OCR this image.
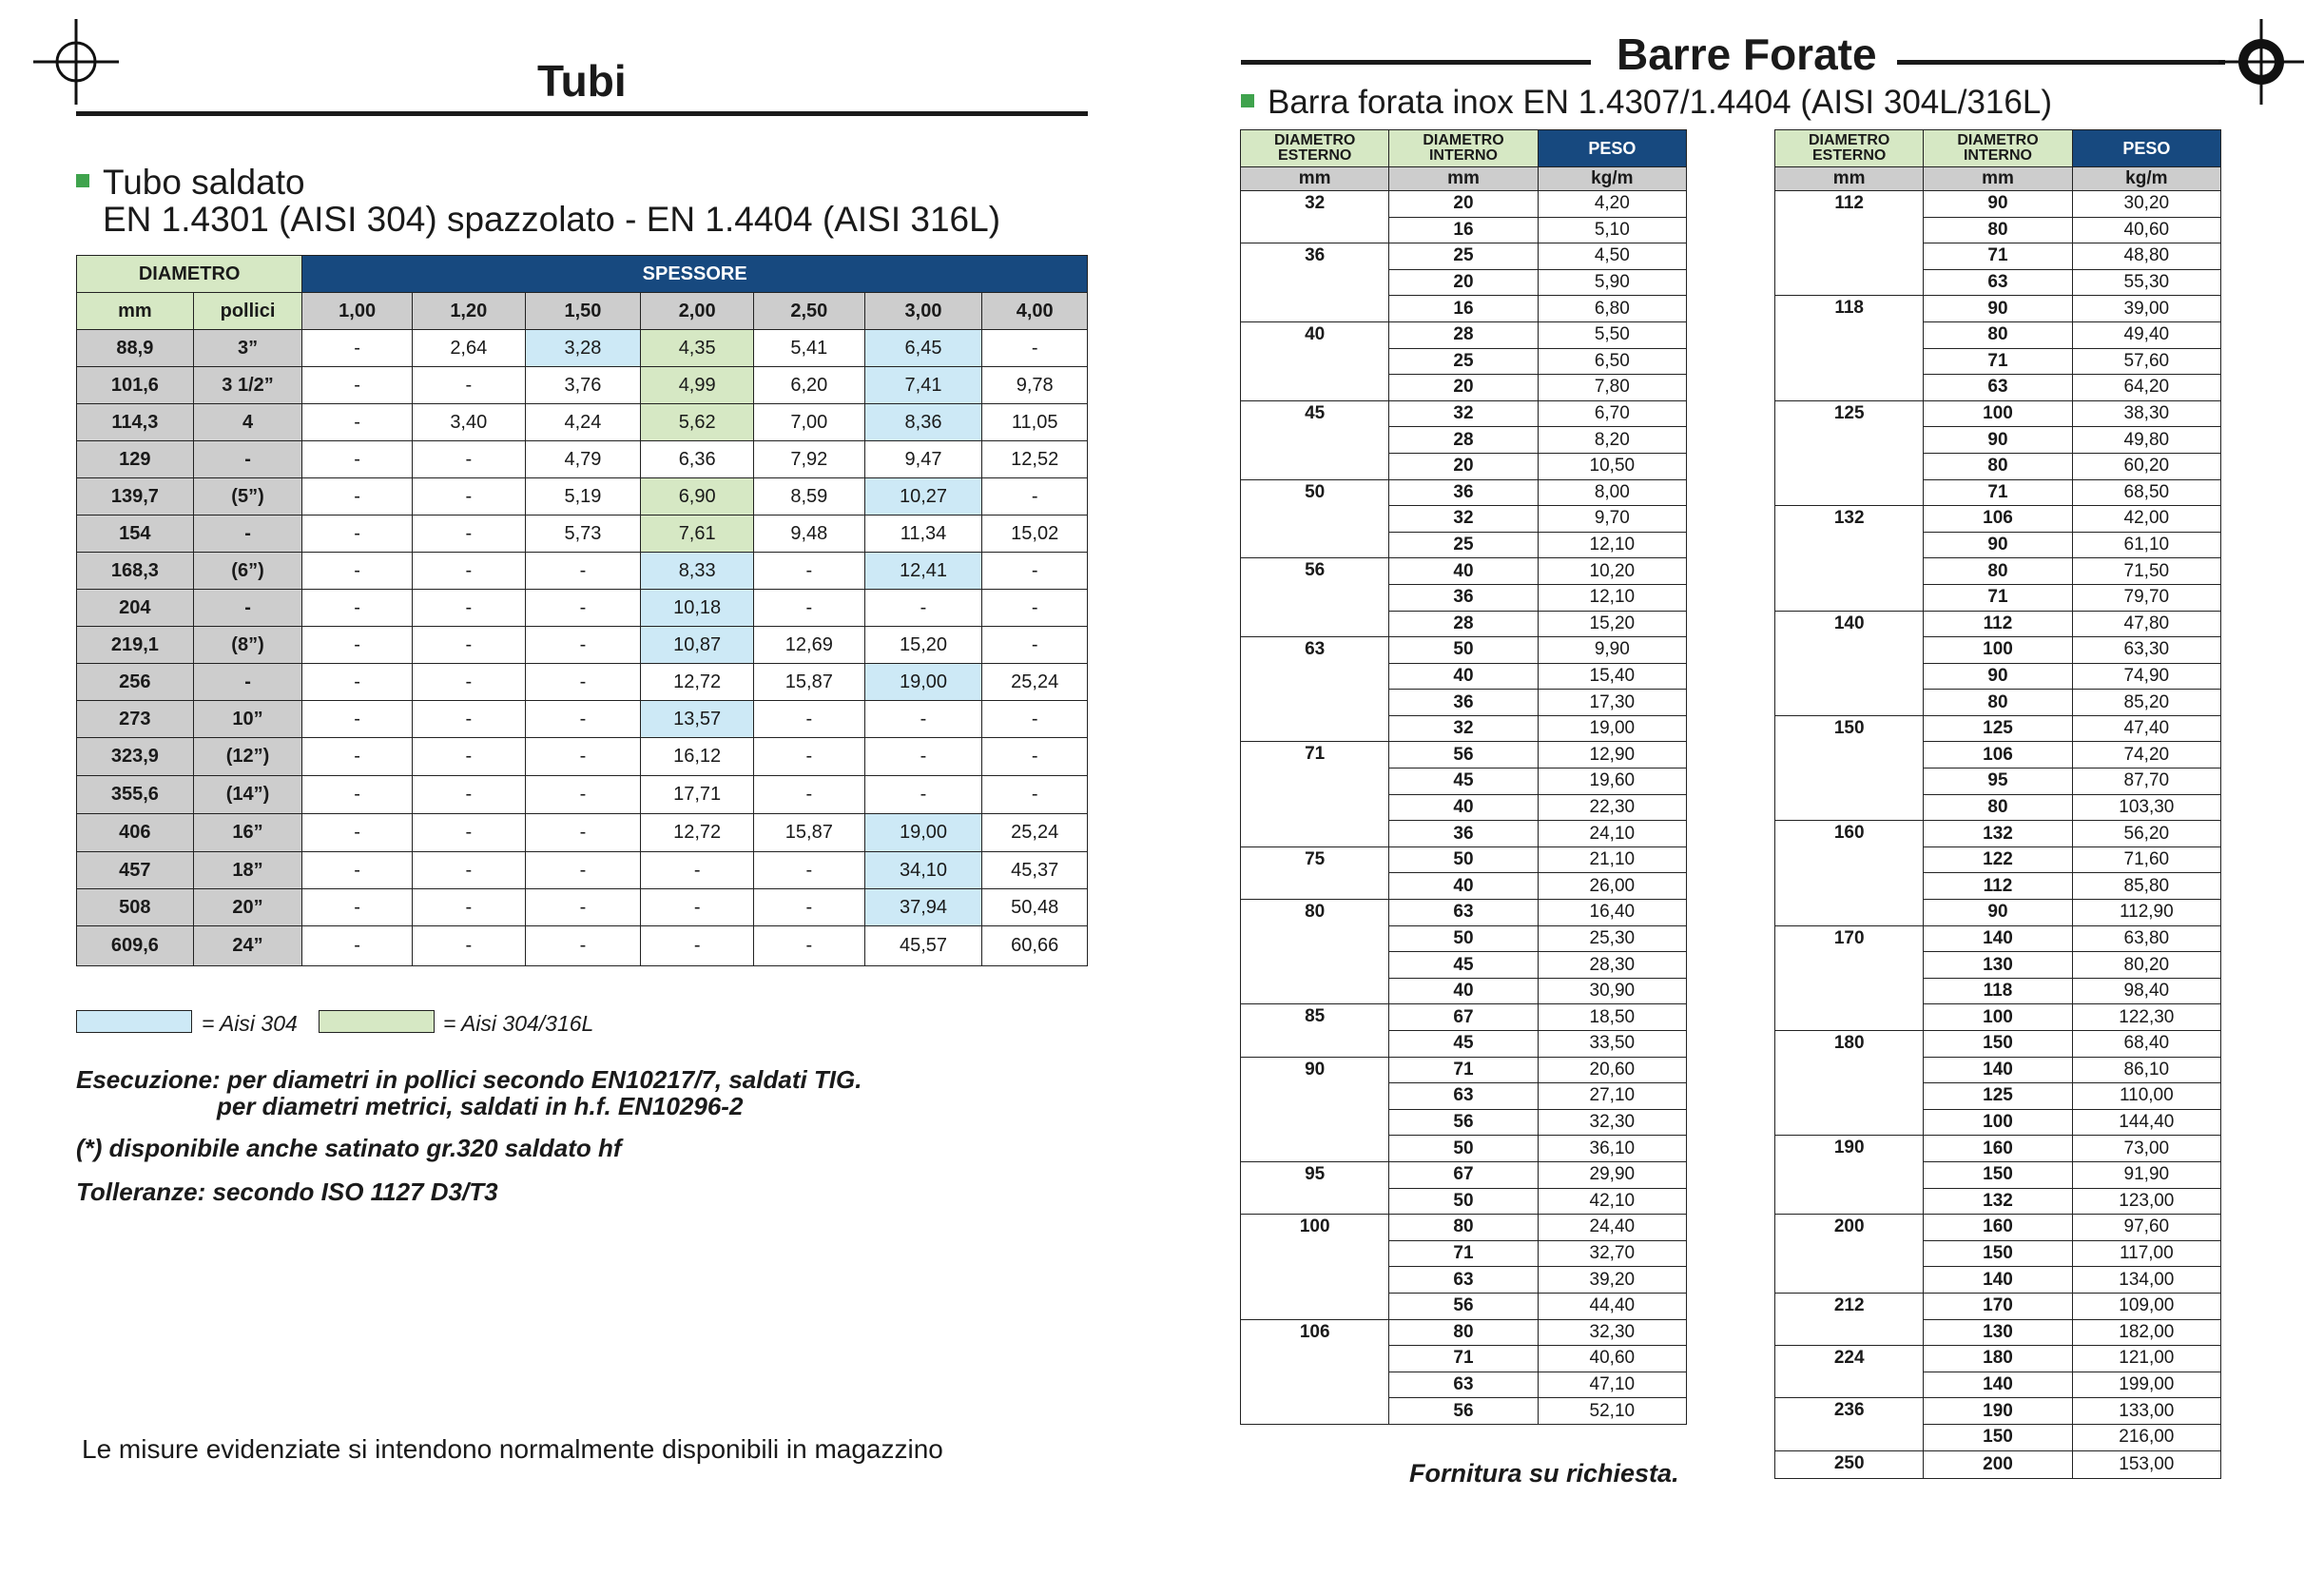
Tubi
Tubo saldato
EN 1.4301 (AISI 304) spazzolato - EN 1.4404 (AISI 316L)
DIAMETRO		SPESSORE						
mm	pollici	1,00	1,20	1,50	2,00	2,50	3,00	4,00
88,9	3”	-	2,64	3,28	4,35	5,41	6,45	-
101,6	3 1/2”	-	-	3,76	4,99	6,20	7,41	9,78
114,3	4	-	3,40	4,24	5,62	7,00	8,36	11,05
129	-	-	-	4,79	6,36	7,92	9,47	12,52
139,7	(5”)	-	-	5,19	6,90	8,59	10,27	-
154	-	-	-	5,73	7,61	9,48	11,34	15,02
168,3	(6”)	-	-	-	8,33	-	12,41	-
204	-	-	-	-	10,18	-	-	-
219,1	(8”)	-	-	-	10,87	12,69	15,20	-
256	-	-	-	-	12,72	15,87	19,00	25,24
273	10”	-	-	-	13,57	-	-	-
323,9	(12”)	-	-	-	16,12	-	-	-
355,6	(14”)	-	-	-	17,71	-	-	-
406	16”	-	-	-	12,72	15,87	19,00	25,24
457	18”	-	-	-	-	-	34,10	45,37
508	20”	-	-	-	-	-	37,94	50,48
609,6	24”	-	-	-	-	-	45,57	60,66
= Aisi 304	= Aisi 304/316L
Esecuzione: per diametri in pollici secondo EN10217/7, saldati TIG.
per diametri metrici, saldati in h.f. EN10296-2
(*) disponibile anche satinato gr.320 saldato hf
Tolleranze: secondo ISO 1127 D3/T3
Le misure evidenziate si intendono normalmente disponibili in magazzino
Barre Forate
Barra forata inox EN 1.4307/1.4404 (AISI 304L/316L)
DIAMETRO ESTERNO	DIAMETRO INTERNO	PESO
mm	mm	kg/m
32	20	4,20
	16	5,10
36	25	4,50
	20	5,90
	16	6,80
40	28	5,50
	25	6,50
	20	7,80
45	32	6,70
	28	8,20
	20	10,50
50	36	8,00
	32	9,70
	25	12,10
56	40	10,20
	36	12,10
	28	15,20
63	50	9,90
	40	15,40
	36	17,30
	32	19,00
71	56	12,90
	45	19,60
	40	22,30
	36	24,10
75	50	21,10
	40	26,00
80	63	16,40
	50	25,30
	45	28,30
	40	30,90
85	67	18,50
	45	33,50
90	71	20,60
	63	27,10
	56	32,30
	50	36,10
95	67	29,90
	50	42,10
100	80	24,40
	71	32,70
	63	39,20
	56	44,40
106	80	32,30
	71	40,60
	63	47,10
	56	52,10
DIAMETRO ESTERNO	DIAMETRO INTERNO	PESO
mm	mm	kg/m
112	90	30,20
	80	40,60
	71	48,80
	63	55,30
118	90	39,00
	80	49,40
	71	57,60
	63	64,20
125	100	38,30
	90	49,80
	80	60,20
	71	68,50
132	106	42,00
	90	61,10
	80	71,50
	71	79,70
140	112	47,80
	100	63,30
	90	74,90
	80	85,20
150	125	47,40
	106	74,20
	95	87,70
	80	103,30
160	132	56,20
	122	71,60
	112	85,80
	90	112,90
170	140	63,80
	130	80,20
	118	98,40
	100	122,30
180	150	68,40
	140	86,10
	125	110,00
	100	144,40
190	160	73,00
	150	91,90
	132	123,00
200	160	97,60
	150	117,00
	140	134,00
212	170	109,00
	130	182,00
224	180	121,00
	140	199,00
236	190	133,00
	150	216,00
250	200	153,00
Fornitura su richiesta.
